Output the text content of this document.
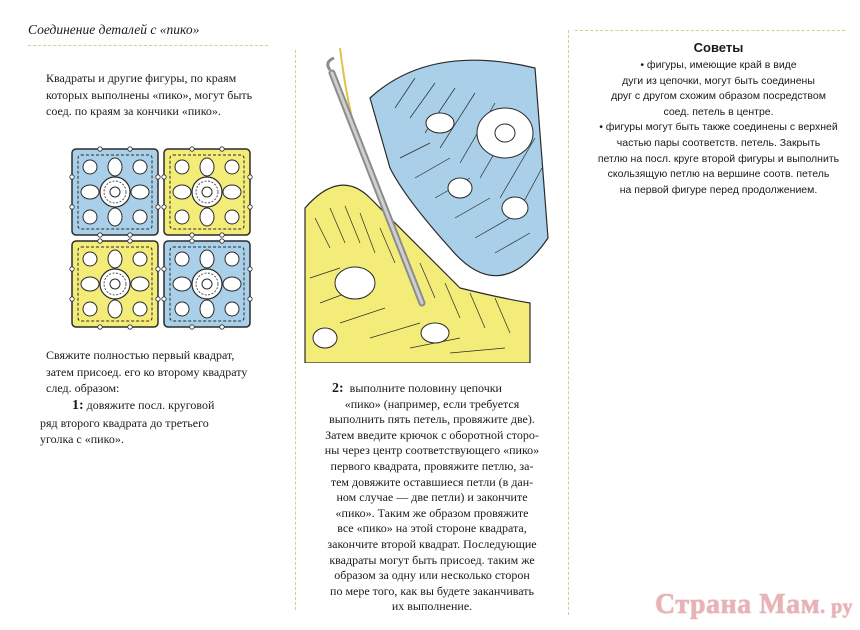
Соединение деталей с «пико»

Квадраты и другие фигуры, по краям

которых выполнены «пико», могут быть

соед. по краям за кончики «пико».

Свяжите полностью первый квадрат,

затем присоед. его ко второму квадрату

след. образом:

1: довяжите посл. круговой

ряд второго квадрата до третьего

уголка с «пико».

2: выполните половину цепочки

«пико» (например, если требуется

выполнить пять петель, провяжите две).

Затем введите крючок с оборотной сторо-

ны через центр соответствующего «пико»

первого квадрата, провяжите петлю, за-

тем довяжите оставшиеся петли (в дан-

ном случае — две петли) и закончите

«пико». Таким же образом провяжите

все «пико» на этой стороне квадрата,

закончите второй квадрат. Последующие

квадраты могут быть присоед. таким же

образом за одну или несколько сторон

по мере того, как вы будете заканчивать

их выполнение.

Советы

• фигуры, имеющие край в виде

дуги из цепочки, могут быть соединены

друг с другом схожим образом посредством

соед. петель в центре.

• фигуры могут быть также соединены с верхней

частью пары соответств. петель. Закрыть

петлю на посл. круге второй фигуры и выполнить

скользящую петлю на вершине соотв. петель

на первой фигуре перед продолжением.

Страна Мам. ру
